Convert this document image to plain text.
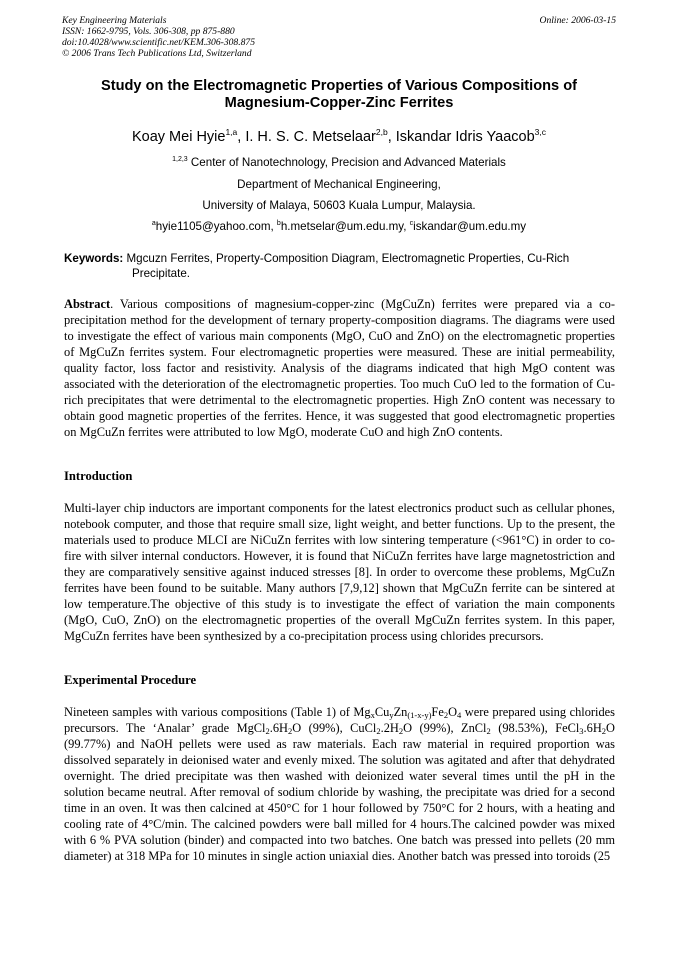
Key Engineering Materials
ISSN: 1662-9795, Vols. 306-308, pp 875-880
doi:10.4028/www.scientific.net/KEM.306-308.875
© 2006 Trans Tech Publications Ltd, Switzerland
Online: 2006-03-15
Study on the Electromagnetic Properties of Various Compositions of
Magnesium-Copper-Zinc Ferrites
Koay Mei Hyie$^{1,a}$, I. H. S. C. Metselaar$^{2,b}$, Iskandar Idris Yaacob$^{3,c}$
$^{1,2,3}$ Center of Nanotechnology, Precision and Advanced Materials
Department of Mechanical Engineering,
University of Malaya, 50603 Kuala Lumpur, Malaysia.
$^a$hyie1105@yahoo.com, $^b$h.metselar@um.edu.my, $^c$iskandar@um.edu.my
Keywords: Mgcuzn Ferrites, Property-Composition Diagram, Electromagnetic Properties, Cu-Rich
Precipitate.
Abstract. Various compositions of magnesium-copper-zinc (MgCuZn) ferrites were prepared via a co-precipitation method for the development of ternary property-composition diagrams. The diagrams were used to investigate the effect of various main components (MgO, CuO and ZnO) on the electromagnetic properties of MgCuZn ferrites system. Four electromagnetic properties were measured. These are initial permeability, quality factor, loss factor and resistivity. Analysis of the diagrams indicated that high MgO content was associated with the deterioration of the electromagnetic properties. Too much CuO led to the formation of Cu-rich precipitates that were detrimental to the electromagnetic properties. High ZnO content was necessary to obtain good magnetic properties of the ferrites. Hence, it was suggested that good electromagnetic properties on MgCuZn ferrites were attributed to low MgO, moderate CuO and high ZnO contents.
Introduction
Multi-layer chip inductors are important components for the latest electronics product such as cellular phones, notebook computer, and those that require small size, light weight, and better functions. Up to the present, the materials used to produce MLCI are NiCuZn ferrites with low sintering temperature (<961°C) in order to co-fire with silver internal conductors. However, it is found that NiCuZn ferrites have large magnetostriction and they are comparatively sensitive against induced stresses [8]. In order to overcome these problems, MgCuZn ferrites have been found to be suitable. Many authors [7,9,12] shown that MgCuZn ferrite can be sintered at low temperature.The objective of this study is to investigate the effect of variation the main components (MgO, CuO, ZnO) on the electromagnetic properties of the overall MgCuZn ferrites system. In this paper, MgCuZn ferrites have been synthesized by a co-precipitation process using chlorides precursors.
Experimental Procedure
Nineteen samples with various compositions (Table 1) of $Mg_xCu_yZn_{(1-x-y)}Fe_2O_4$ were prepared using chlorides precursors. The ‘Analar’ grade $MgCl_2.6H_2O$ (99%), $CuCl_2.2H_2O$ (99%), ZnCl$_2$ (98.53%), $FeCl_3.6H_2O$ (99.77%) and NaOH pellets were used as raw materials. Each raw material in required proportion was dissolved separately in deionised water and evenly mixed. The solution was agitated and after that dehydrated overnight. The dried precipitate was then washed with deionized water several times until the pH in the solution became neutral. After removal of sodium chloride by washing, the precipitate was dried for a second time in an oven. It was then calcined at 450°C for 1 hour followed by 750°C for 2 hours, with a heating and cooling rate of 4°C/min. The calcined powders were ball milled for 4 hours.The calcined powder was mixed with 6 % PVA solution (binder) and compacted into two batches. One batch was pressed into pellets (20 mm diameter) at 318 MPa for 10 minutes in single action uniaxial dies. Another batch was pressed into toroids (25
